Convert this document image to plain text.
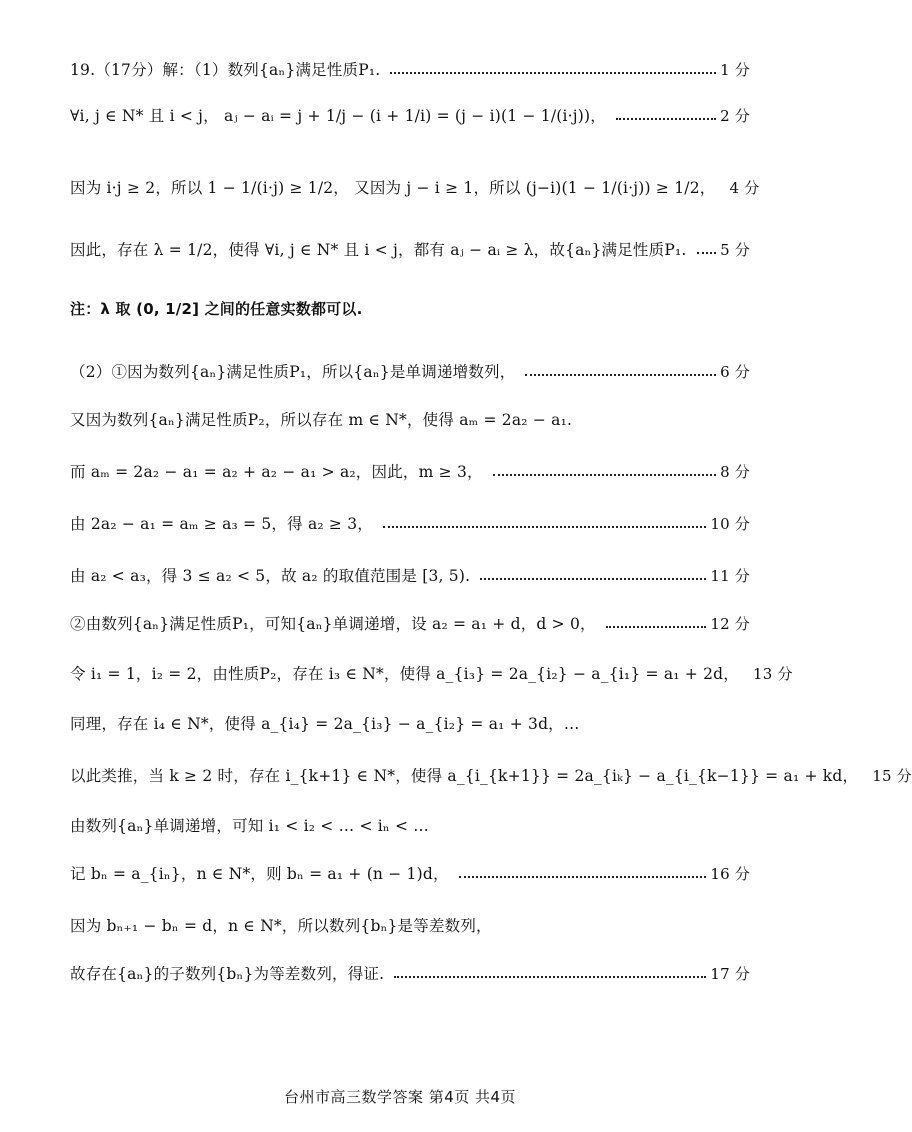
19.（17分）解：（1）数列{aₙ}满足性质P₁.	1 分
∀i, j ∈ N* 且 i < j， aⱼ − aᵢ = j + 1/j − (i + 1/i) = (j − i)(1 − 1/(i·j))，	2 分
因为 i·j ≥ 2，所以 1 − 1/(i·j) ≥ 1/2， 又因为 j − i ≥ 1，所以 (j−i)(1 − 1/(i·j)) ≥ 1/2， 4 分
因此，存在 λ = 1/2，使得 ∀i, j ∈ N* 且 i < j，都有 aⱼ − aᵢ ≥ λ，故{aₙ}满足性质P₁. 5 分
注：λ 取 (0, 1/2] 之间的任意实数都可以.
（2）①因为数列{aₙ}满足性质P₁，所以{aₙ}是单调递增数列，	6 分
又因为数列{aₙ}满足性质P₂，所以存在 m ∈ N*，使得 aₘ = 2a₂ − a₁.
而 aₘ = 2a₂ − a₁ = a₂ + a₂ − a₁ > a₂，因此，m ≥ 3，	8 分
由 2a₂ − a₁ = aₘ ≥ a₃ = 5，得 a₂ ≥ 3，	10 分
由 a₂ < a₃，得 3 ≤ a₂ < 5，故 a₂ 的取值范围是 [3, 5).	11 分
②由数列{aₙ}满足性质P₁，可知{aₙ}单调递增，设 a₂ = a₁ + d，d > 0，	12 分
令 i₁ = 1，i₂ = 2，由性质P₂，存在 i₃ ∈ N*，使得 a_{i₃} = 2a_{i₂} − a_{i₁} = a₁ + 2d， 13 分
同理，存在 i₄ ∈ N*，使得 a_{i₄} = 2a_{i₃} − a_{i₂} = a₁ + 3d，…
以此类推，当 k ≥ 2 时，存在 i_{k+1} ∈ N*，使得 a_{i_{k+1}} = 2a_{iₖ} − a_{i_{k−1}} = a₁ + kd， 15 分
由数列{aₙ}单调递增，可知 i₁ < i₂ < … < iₙ < …
记 bₙ = a_{iₙ}，n ∈ N*，则 bₙ = a₁ + (n − 1)d，	16 分
因为 bₙ₊₁ − bₙ = d，n ∈ N*，所以数列{bₙ}是等差数列，
故存在{aₙ}的子数列{bₙ}为等差数列，得证.	17 分
台州市高三数学答案 第4页 共4页
